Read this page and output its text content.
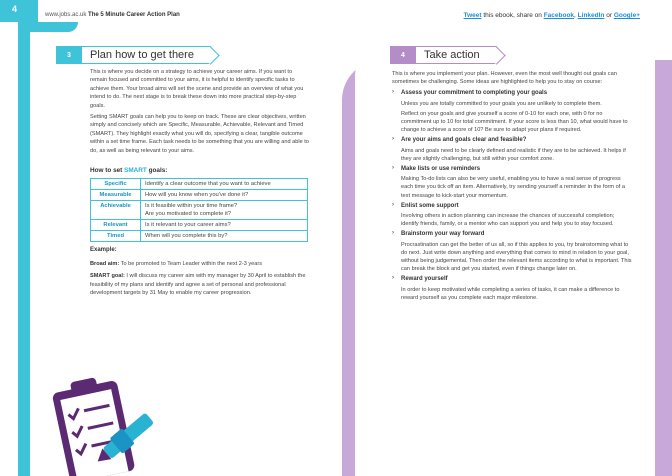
4
www.jobs.ac.uk The 5 Minute Career Action Plan	Tweet this ebook, share on Facebook, LinkedIn or Google+
3	Plan how to get there	4	Take action

This is where you decide on a strategy to achieve your career aims. If you want to remain focused and committed to your aims, it is helpful to identify specific tasks to achieve them. Your broad aims will set the scene and provide an overview of what you intend to do. The next stage is to break these down into more practical step-by-step goals.

Setting SMART goals can help you to keep on track. These are clear objectives, written simply and concisely which are Specific, Measurable, Achievable, Relevant and Timed (SMART). They highlight exactly what you will do, specifying a clear, tangible outcome within a set time frame. Each task needs to be something that you are willing and able to do, as well as being relevant to your aims.

How to set SMART goals:
Specific	Identify a clear outcome that you want to achieve
Measurable	How will you know when you've done it?
Achievable	Is it feasible within your time frame?
Are you motivated to complete it?

Relevant	Is it relevant to your career aims?
Timed	When will you complete this by?
Example:

Broad aim: To be promoted to Team Leader within the next 2-3 years

SMART goal: I will discuss my career aim with my manager by 30 April to establish the feasibility of my plans and identify and agree a set of personal and professional development targets by 31 May to enable my career progression.

This is where you implement your plan. However, even the most well thought out goals can sometimes be challenging. Some ideas are highlighted to help you to stay on course:

› Assess your commitment to completing your goals
Unless you are totally committed to your goals you are unlikely to complete them.
Reflect on your goals and give yourself a score of 0-10 for each one, with 0 for no commitment up to 10 for total commitment. If your score is less than 10, what would have to change to achieve a score of 10? Be sure to adapt your plans if required.
› Are your aims and goals clear and feasible?
Aims and goals need to be clearly defined and realistic if they are to be achieved. It helps if they are slightly challenging, but still within your comfort zone.
› Make lists or use reminders
Making To-do lists can also be very useful, enabling you to have a real sense of progress each time you tick off an item. Alternatively, try sending yourself a reminder in the form of a text message to kick-start your momentum.
› Enlist some support
Involving others in action planning can increase the chances of successful completion; identify friends, family, or a mentor who can support you and help you to stay focused.
› Brainstorm your way forward
Procrastination can get the better of us all, so if this applies to you, try brainstorming what to do next. Just write down anything and everything that comes to mind in relation to your goal, without being judgemental. Then order the relevant items according to what is important. This can break the block and get you started, even if things change later on.
› Reward yourself
In order to keep motivated while completing a series of tasks, it can make a difference to reward yourself as you complete each major milestone.
